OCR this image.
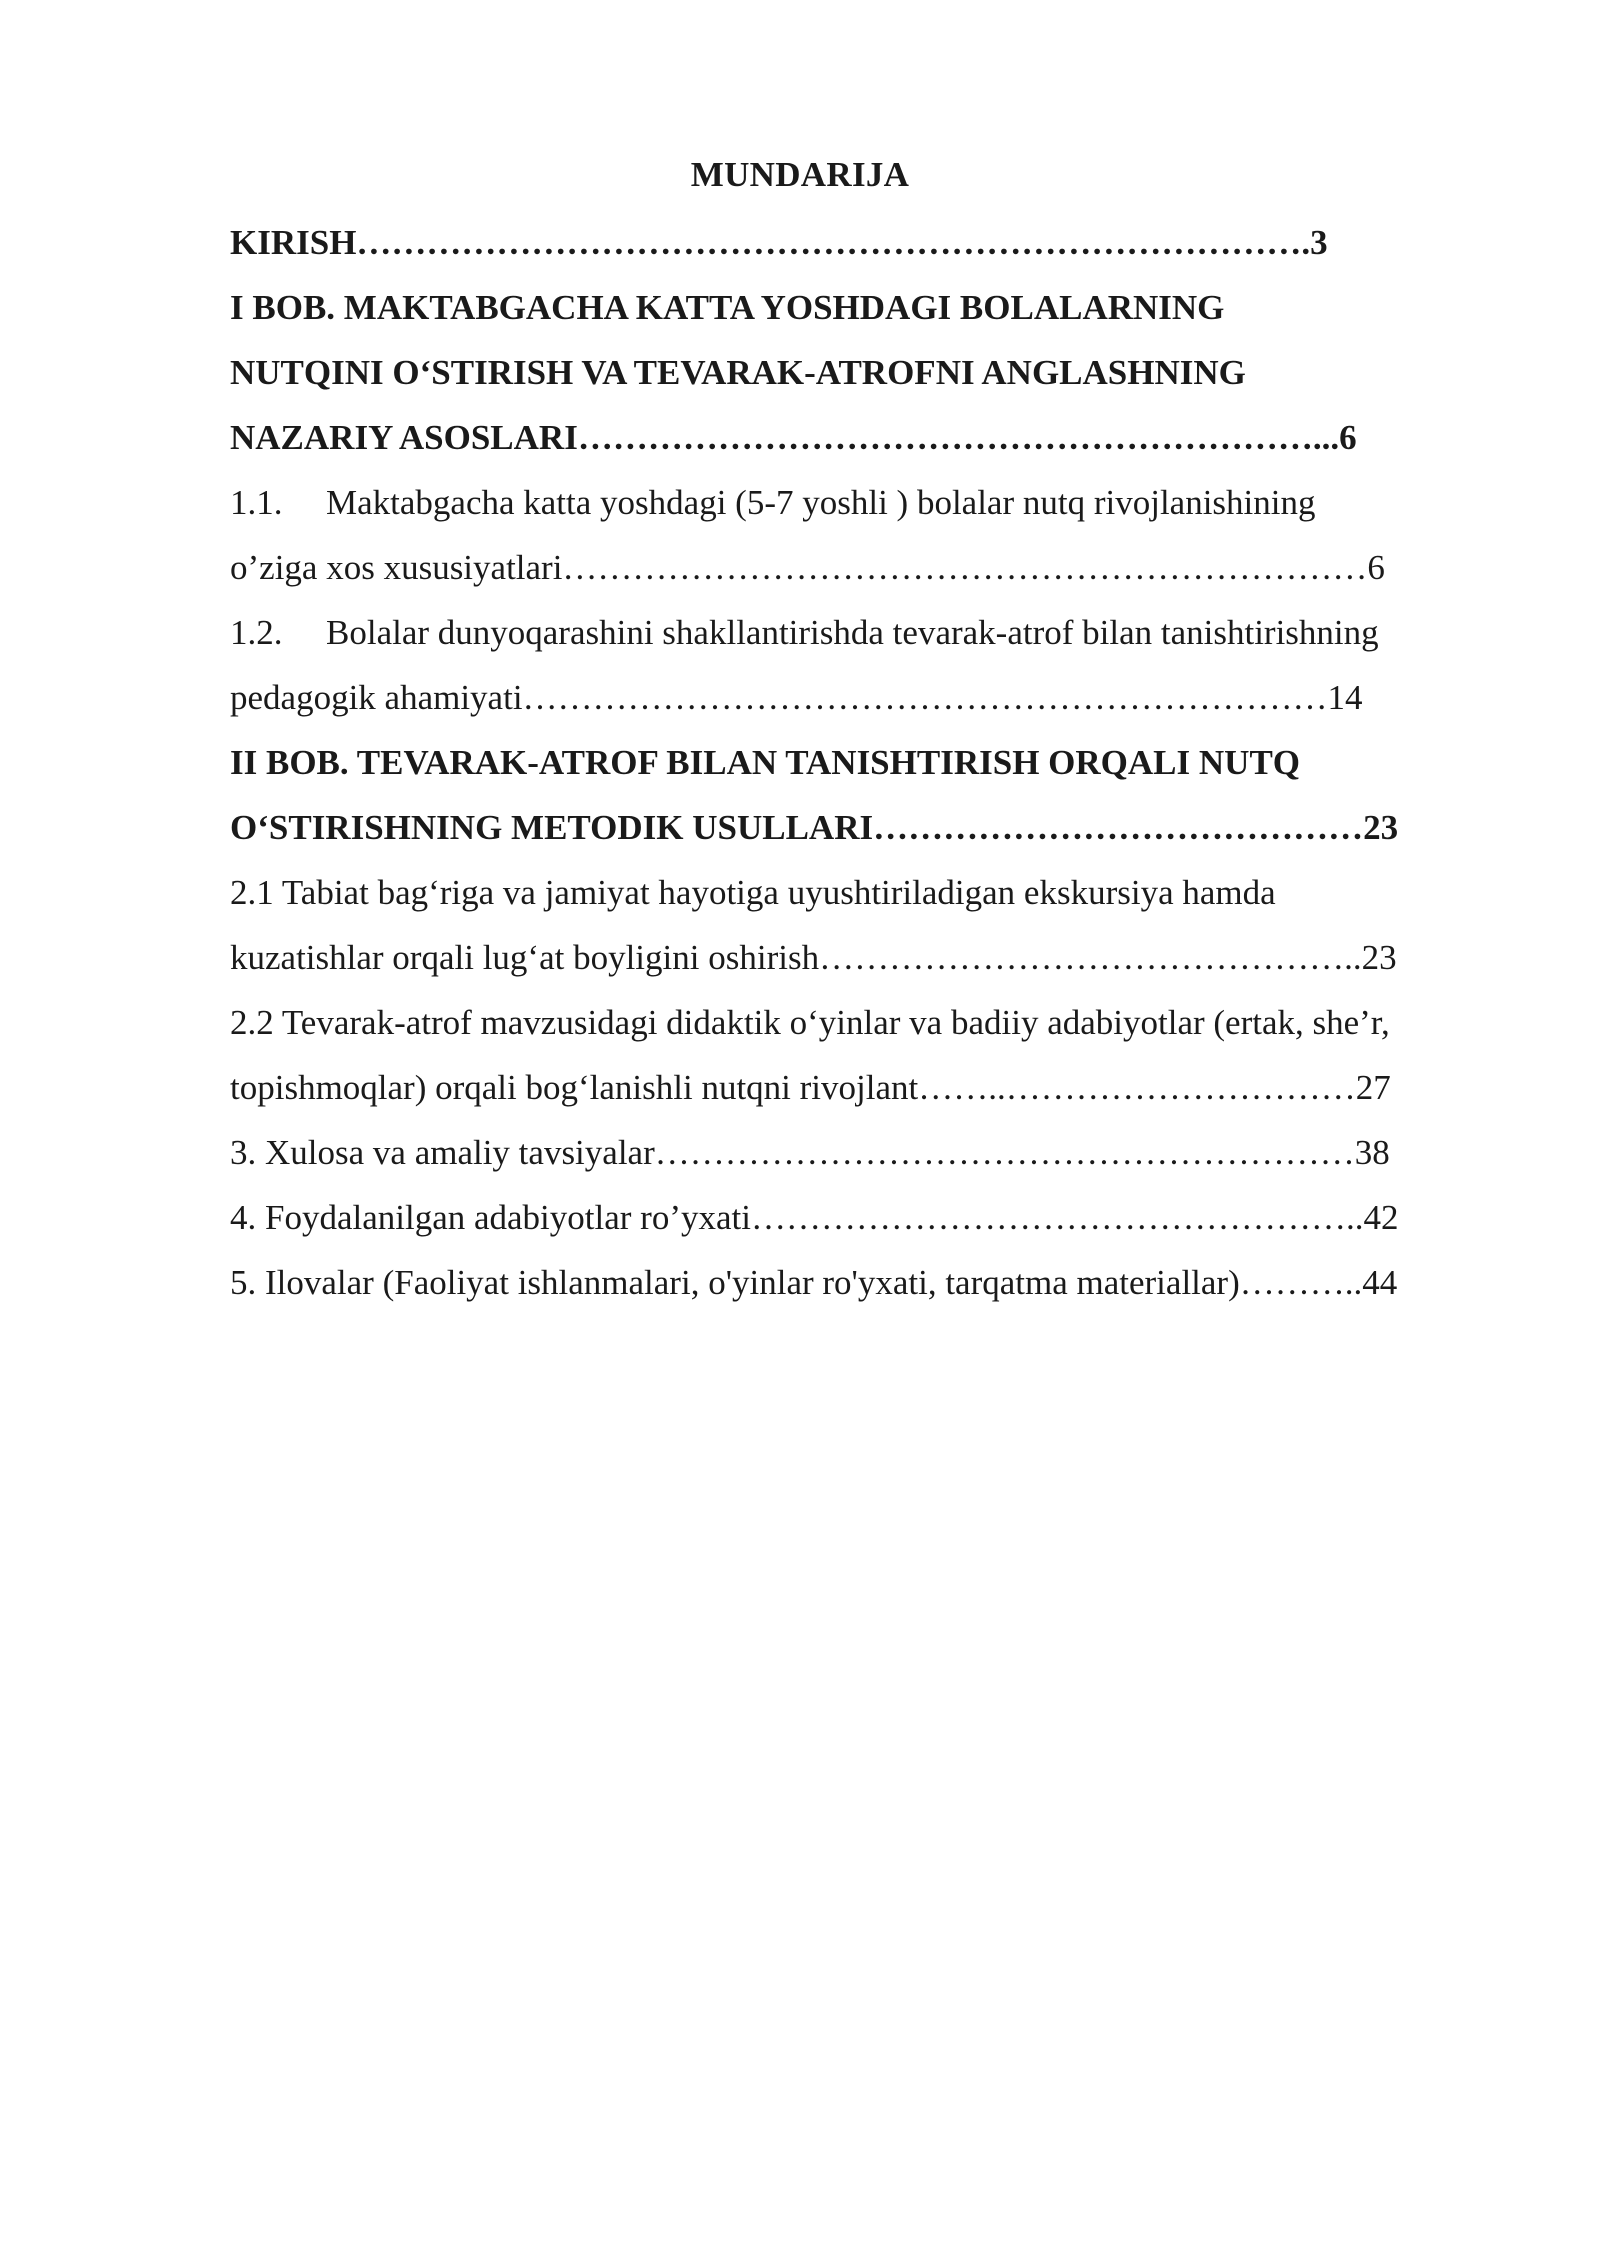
MUNDARIJA
KIRISH……………………………………………………………………….3
I BOB. MAKTABGACHA KATTA YOSHDAGI BOLALARNING
NUTQINI O‘STIRISH VA TEVARAK-ATROFNI ANGLASHNING
NAZARIY ASOSLARI………………………………………………………...6
1.1. Maktabgacha katta yoshdagi (5-7 yoshli ) bolalar nutq rivojlanishining
o’ziga xos xususiyatlari……………………………………………………………6
1.2. Bolalar dunyoqarashini shakllantirishda tevarak-atrof bilan tanishtirishning
pedagogik ahamiyati……………………………………………………………14
II BOB. TEVARAK-ATROF BILAN TANISHTIRISH ORQALI NUTQ
O‘STIRISHNING METODIK USULLARI……………………………………23
2.1 Tabiat bag‘riga va jamiyat hayotiga uyushtiriladigan ekskursiya hamda
kuzatishlar orqali lug‘at boyligini oshirish………………………………………..23
2.2 Tevarak-atrof mavzusidagi didaktik o‘yinlar va badiiy adabiyotlar (ertak, she’r,
topishmoqlar) orqali bog‘lanishli nutqni rivojlant……..…………………………27
3. Xulosa va amaliy tavsiyalar……………………………………………………38
4. Foydalanilgan adabiyotlar ro’yxati……………………………………………..42
5. Ilovalar (Faoliyat ishlanmalari, o'yinlar ro'yxati, tarqatma materiallar)………..44
